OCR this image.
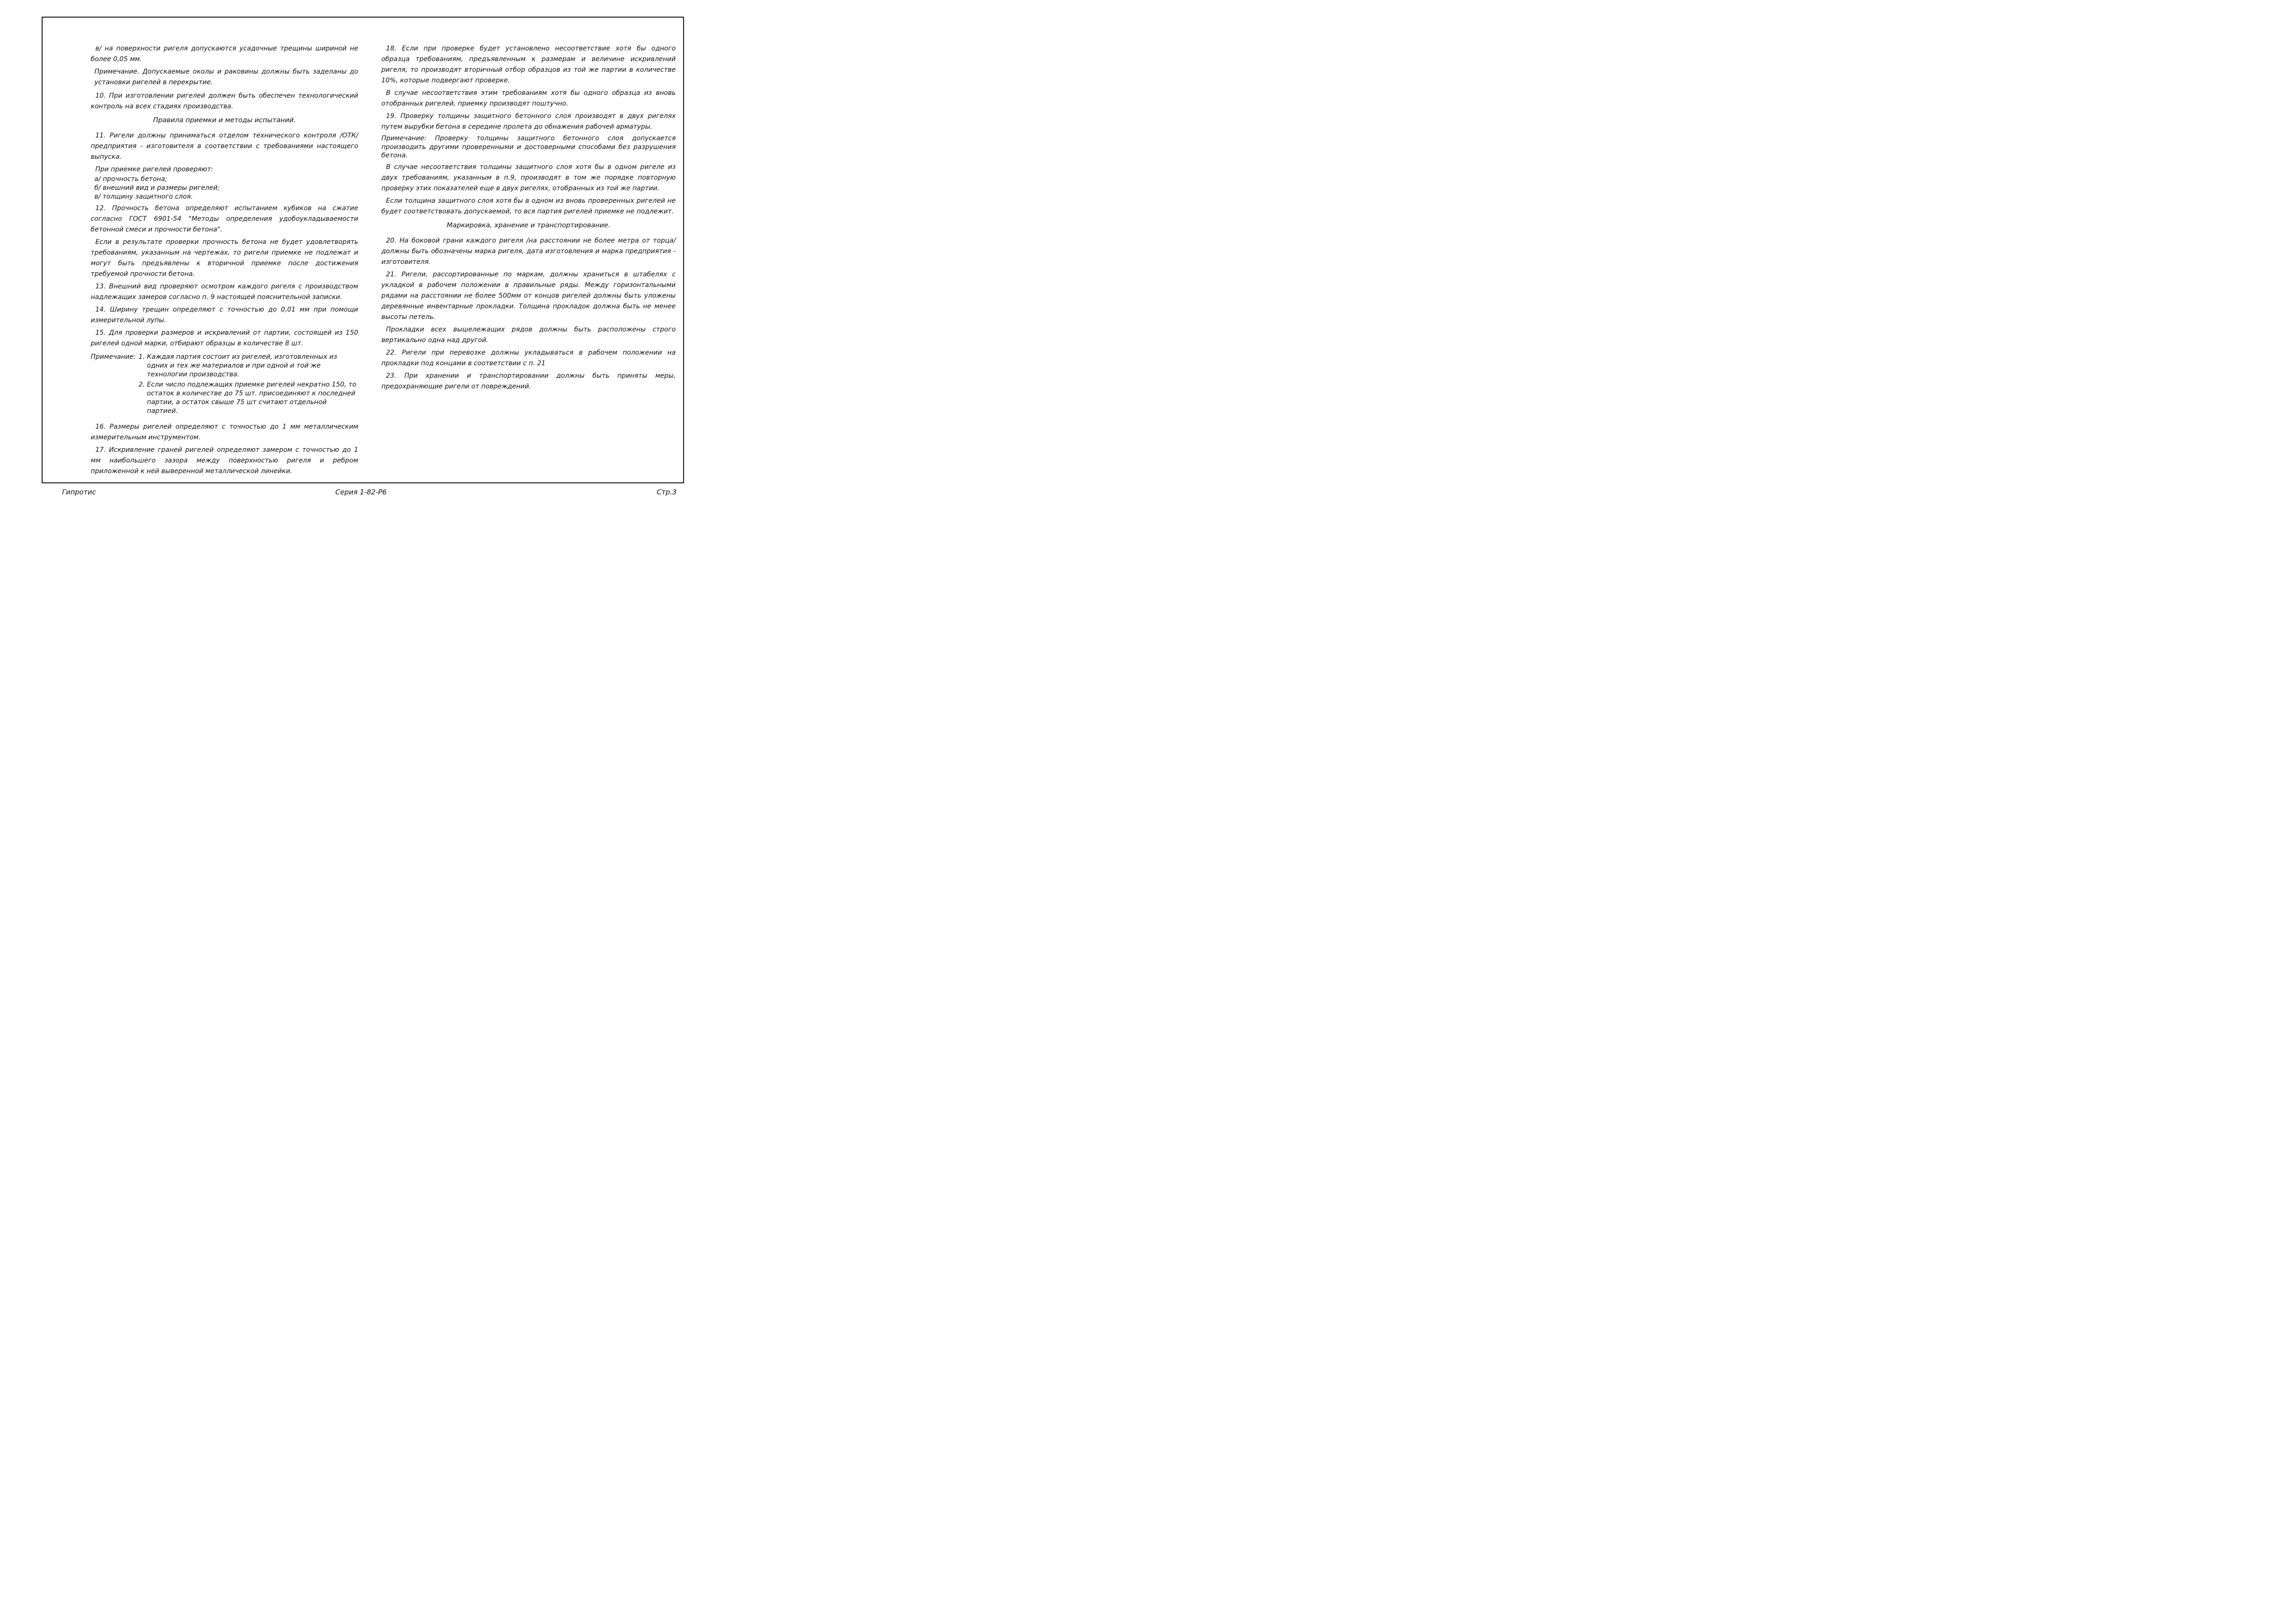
в/ на поверхности ригеля допускаются усадочные трещины шириной не более 0,05 мм.

Примечание. Допускаемые околы и раковины должны быть заделаны до установки ригелей в перекрытие.

10. При изготовлении ригелей должен быть обеспечен технологический контроль на всех стадиях производства.

Правила приемки и методы испытаний.

11. Ригели должны приниматься отделом технического контроля /ОТК/ предприятия - изготовителя в соответствии с требованиями настоящего выпуска.

При приемке ригелей проверяют:

а/ прочность бетона;
б/ внешний вид и размеры ригелей;
в/ толщину защитного слоя.

12. Прочность бетона определяют испытанием кубиков на сжатие согласно ГОСТ 6901-54 "Методы определения удобоукладываемости бетонной смеси и прочности бетона".

Если в результате проверки прочность бетона не будет удовлетворять требованиям, указанным на чертежах, то ригели приемке не подлежат и могут быть предъявлены к вторичной приемке после достижения требуемой прочности бетона.

13. Внешний вид проверяют осмотром каждого ригеля с производством надлежащих замеров согласно п. 9 настоящей пояснительной записки.

14. Ширину трещин определяют с точностью до 0,01 мм при помощи измерительной лупы.

15. Для проверки размеров и искривлений от партии, состоящей из 150 ригелей одной марки, отбирают образцы в количестве 8 шт.

Примечание: 1. Каждая партия состоит из ригелей, изготовленных из одних и тех же материалов и при одной и той же технологии производства.
2. Если число подлежащих приемке ригелей некратно 150, то остаток в количестве до 75 шт. присоединяют к последней партии, а остаток свыше 75 шт считают отдельной партией.

16. Размеры ригелей определяют с точностью до 1 мм металлическим измерительным инструментом.

17. Искривление граней ригелей определяют замером с точностью до 1 мм наибольшего зазора между поверхностью ригеля и ребром приложенной к ней выверенной металлической линейки.

18. Если при проверке будет установлено несоответствие хотя бы одного образца требованиям, предъявленным к размерам и величине искривлений ригеля, то производят вторичный отбор образцов из той же партии в количестве 10%, которые подвергают проверке.

В случае несоответствия этим требованиям хотя бы одного образца из вновь отобранных ригелей, приемку производят поштучно.

19. Проверку толщины защитного бетонного слоя производят в двух ригелях путем вырубки бетона в середине пролета до обнажения рабочей арматуры.

Примечание: Проверку толщины защитного бетонного слоя допускается производить другими проверенными и достоверными способами без разрушения бетона.

В случае несоответствия толщины защитного слоя хотя бы в одном ригеле из двух требованиям, указанным в п.9, производят в том же порядке повторную проверку этих показателей еще в двух ригелях, отобранных из той же партии.

Если толщина защитного слоя хотя бы в одном из вновь проверенных ригелей не будет соответствовать допускаемой, то вся партия ригелей приемке не подлежит.

Маркировка, хранение и транспортирование.

20. На боковой грани каждого ригеля /на расстоянии не более метра от торца/ должны быть обозначены марка ригеля, дата изготовления и марка предприятия - изготовителя.

21. Ригели, рассортированные по маркам, должны храниться в штабелях с укладкой в рабочем положении в правильные ряды. Между горизонтальными рядами на расстоянии не более 500мм от концов ригелей должны быть уложены деревянные инвентарные прокладки. Толщина прокладок должна быть не менее высоты петель.

Прокладки всех вышележащих рядов должны быть расположены строго вертикально одна над другой.

22. Ригели при перевозке должны укладываться в рабочем положении на прокладки под концами в соответствии с п. 21

23. При хранении и транспортировании должны быть приняты меры, предохраняющие ригели от повреждений.

Гипротис	Серия 1-82-Р6	Стр.3
